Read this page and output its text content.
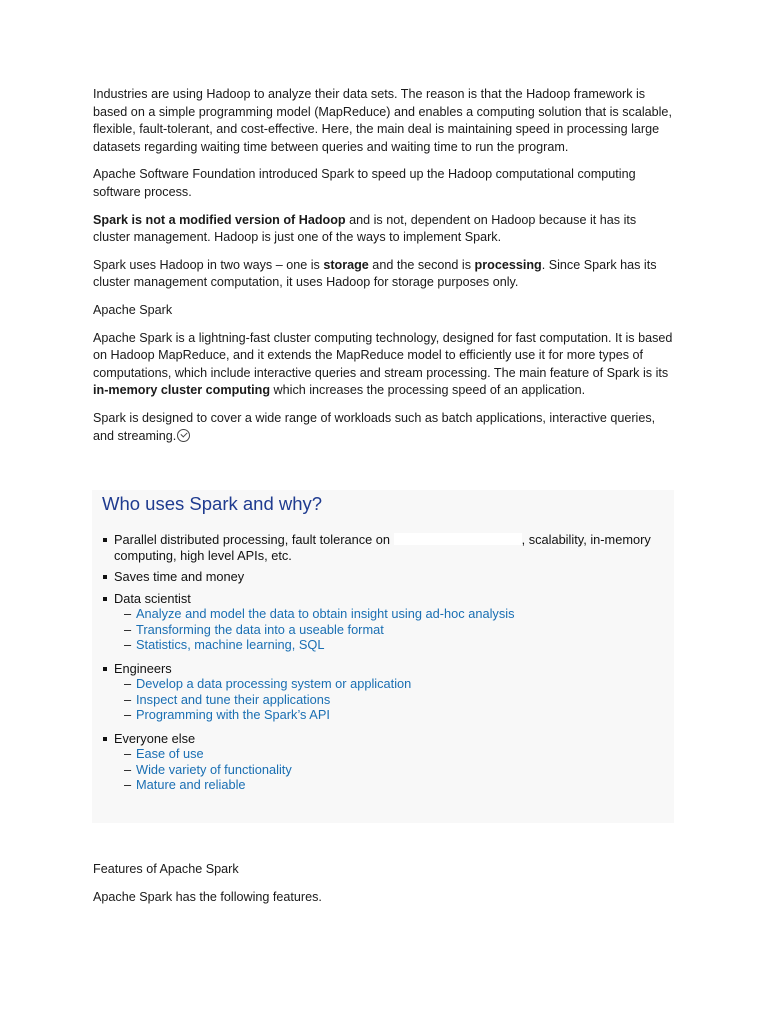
Industries are using Hadoop to analyze their data sets. The reason is that the Hadoop framework is based on a simple programming model (MapReduce) and enables a computing solution that is scalable, flexible, fault-tolerant, and cost-effective. Here, the main deal is maintaining speed in processing large datasets regarding waiting time between queries and waiting time to run the program.

Apache Software Foundation introduced Spark to speed up the Hadoop computational computing software process.

Spark is not a modified version of Hadoop and is not, dependent on Hadoop because it has its cluster management. Hadoop is just one of the ways to implement Spark.

Spark uses Hadoop in two ways – one is storage and the second is processing. Since Spark has its cluster management computation, it uses Hadoop for storage purposes only.

Apache Spark

Apache Spark is a lightning-fast cluster computing technology, designed for fast computation. It is based on Hadoop MapReduce, and it extends the MapReduce model to efficiently use it for more types of computations, which include interactive queries and stream processing. The main feature of Spark is its in-memory cluster computing which increases the processing speed of an application.

Spark is designed to cover a wide range of workloads such as batch applications, interactive queries, and streaming.

Who uses Spark and why?
Parallel distributed processing, fault tolerance on	, scalability, in-memory computing, high level APIs, etc.
Saves time and money
Data scientist
– Analyze and model the data to obtain insight using ad-hoc analysis
– Transforming the data into a useable format
– Statistics, machine learning, SQL
Engineers
– Develop a data processing system or application
– Inspect and tune their applications
– Programming with the Spark’s API
Everyone else
– Ease of use
– Wide variety of functionality
– Mature and reliable

Features of Apache Spark

Apache Spark has the following features.
